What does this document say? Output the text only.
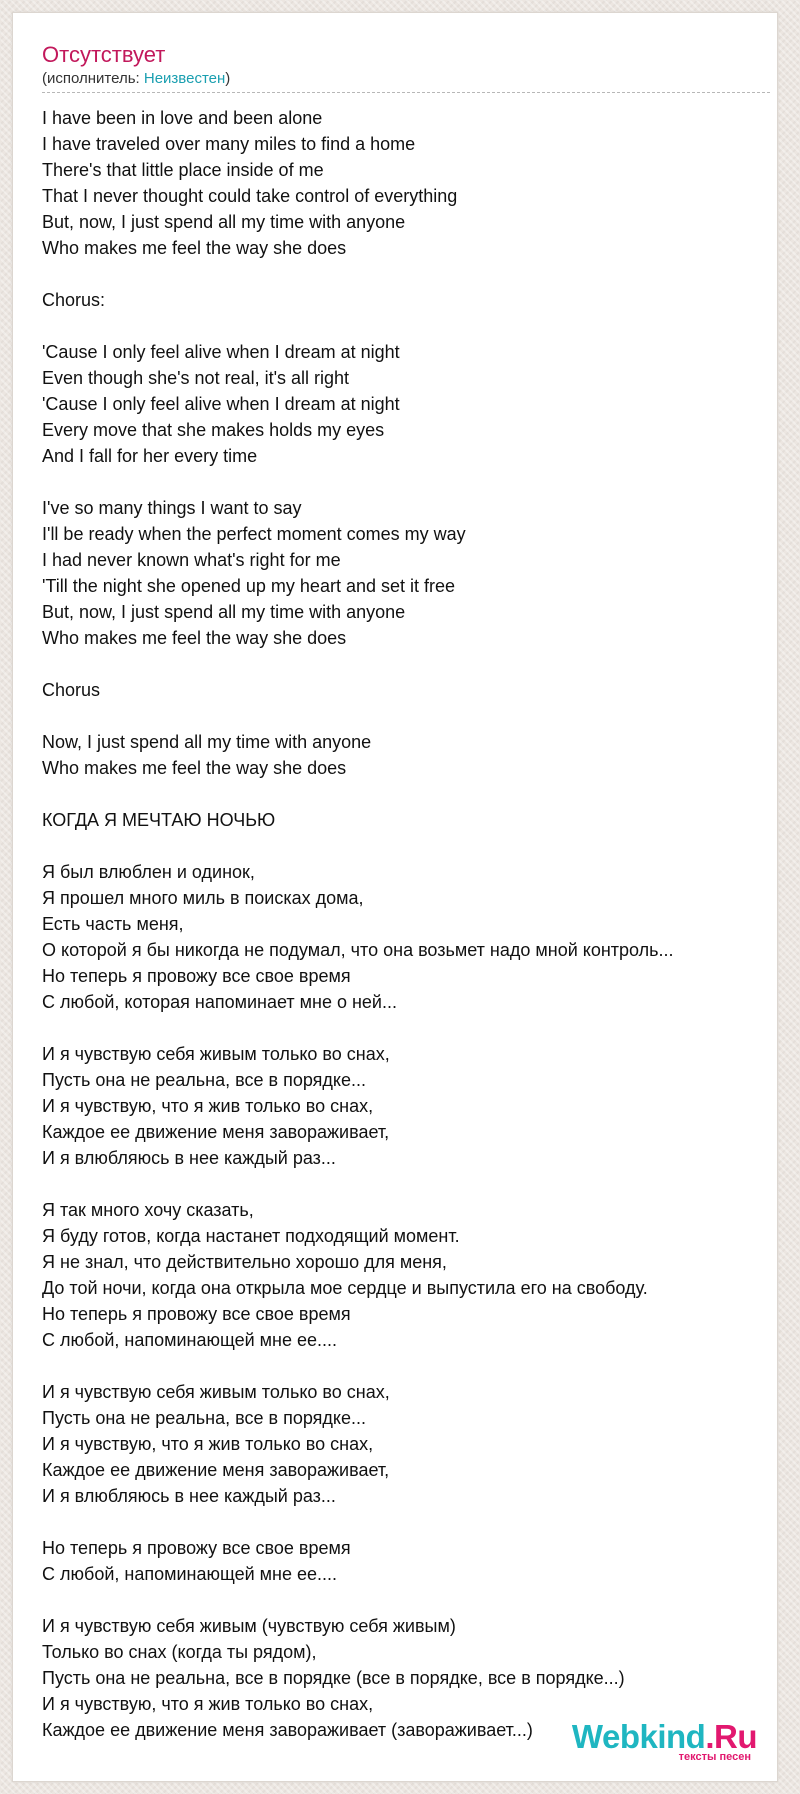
Отсутствует
(исполнитель: Неизвестен)
I have been in love and been alone
I have traveled over many miles to find a home
There's that little place inside of me
That I never thought could take control of everything
But, now, I just spend all my time with anyone
Who makes me feel the way she does
Chorus:
'Cause I only feel alive when I dream at night
Even though she's not real, it's all right
'Cause I only feel alive when I dream at night
Every move that she makes holds my eyes
And I fall for her every time
I've so many things I want to say
I'll be ready when the perfect moment comes my way
I had never known what's right for me
'Till the night she opened up my heart and set it free
But, now, I just spend all my time with anyone
Who makes me feel the way she does
Chorus
Now, I just spend all my time with anyone
Who makes me feel the way she does
КОГДА Я МЕЧТАЮ НОЧЬЮ
Я был влюблен и одинок,
Я прошел много миль в поисках дома,
Есть часть меня,
О которой я бы никогда не подумал, что она возьмет надо мной контроль...
Но теперь я провожу все свое время
С любой, которая напоминает мне о ней...
И я чувствую себя живым только во снах,
Пусть она не реальна, все в порядке...
И я чувствую, что я жив только во снах,
Каждое ее движение меня завораживает,
И я влюбляюсь в нее каждый раз...
Я так много хочу сказать,
Я буду готов, когда настанет подходящий момент.
Я не знал, что действительно хорошо для меня,
До той ночи, когда она открыла мое сердце и выпустила его на свободу.
Но теперь я провожу все свое время
С любой, напоминающей мне ее....
И я чувствую себя живым только во снах,
Пусть она не реальна, все в порядке...
И я чувствую, что я жив только во снах,
Каждое ее движение меня завораживает,
И я влюбляюсь в нее каждый раз...
Но теперь я провожу все свое время
С любой, напоминающей мне ее....
И я чувствую себя живым (чувствую себя живым)
Только во снах (когда ты рядом),
Пусть она не реальна, все в порядке (все в порядке, все в порядке...)
И я чувствую, что я жив только во снах,
Каждое ее движение меня завораживает (завораживает...)	Webkind.Ru
тексты песен
